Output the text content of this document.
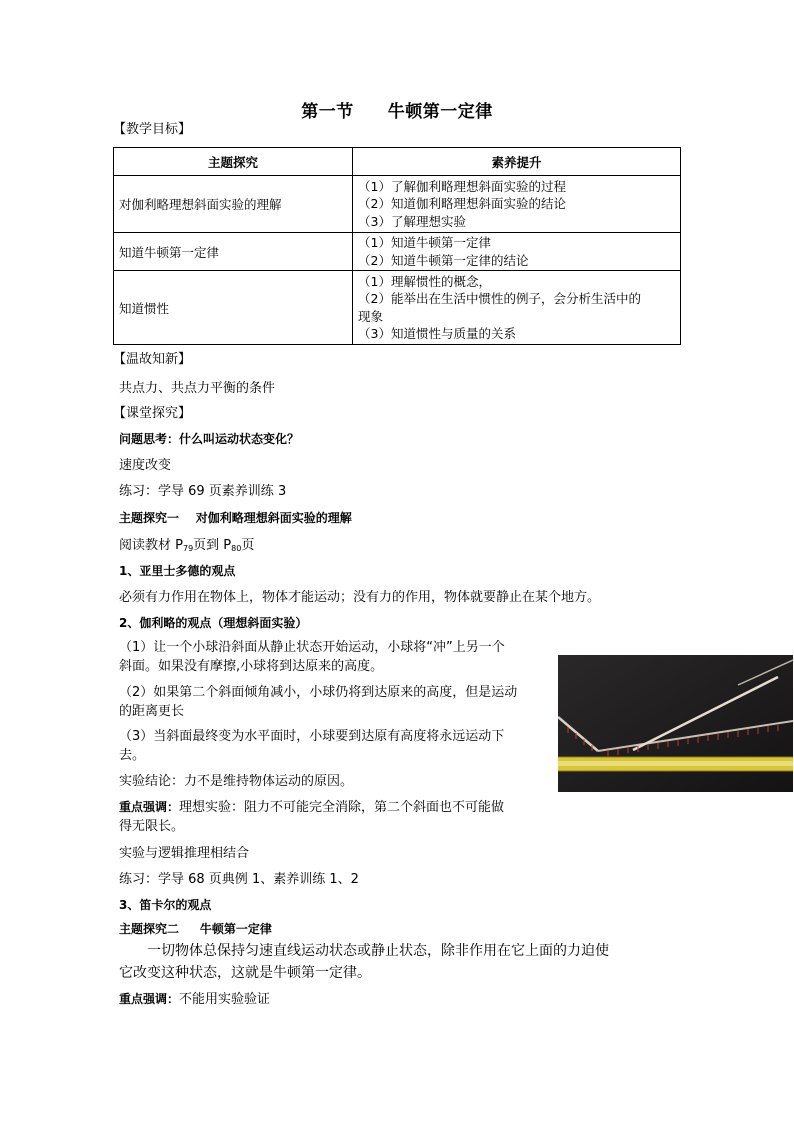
第一节 牛顿第一定律
【教学目标】
主题探究	素养提升
对伽利略理想斜面实验的理解	（1）了解伽利略理想斜面实验的过程
（2）知道伽利略理想斜面实验的结论
（3）了解理想实验

知道牛顿第一定律	（1）知道牛顿第一定律
（2）知道牛顿第一定律的结论

知道惯性	（1）理解惯性的概念，
（2）能举出在生活中惯性的例子，会分析生活中的
现象
（3）知道惯性与质量的关系
【温故知新】
共点力、共点力平衡的条件
【课堂探究】
问题思考：什么叫运动状态变化？
速度改变
练习：学导 69 页素养训练 3
主题探究一 对伽利略理想斜面实验的理解
阅读教材 $P_{79}$页到 $P_{80}$页
1、亚里士多德的观点
必须有力作用在物体上，物体才能运动；没有力的作用，物体就要静止在某个地方。
2、伽利略的观点（理想斜面实验）
（1）让一个小球沿斜面从静止状态开始运动，小球将“冲”上另一个
斜面。如果没有摩擦,小球将到达原来的高度。
（2）如果第二个斜面倾角减小，小球仍将到达原来的高度，但是运动
的距离更长
（3）当斜面最终变为水平面时，小球要到达原有高度将永远运动下
去。
实验结论：力不是维持物体运动的原因。
重点强调：理想实验：阻力不可能完全消除，第二个斜面也不可能做
得无限长。
实验与逻辑推理相结合
练习：学导 68 页典例 1、素养训练 1、2
3、笛卡尔的观点
主题探究二 牛顿第一定律
一切物体总保持匀速直线运动状态或静止状态，除非作用在它上面的力迫使
它改变这种状态，这就是牛顿第一定律。
重点强调：不能用实验验证
